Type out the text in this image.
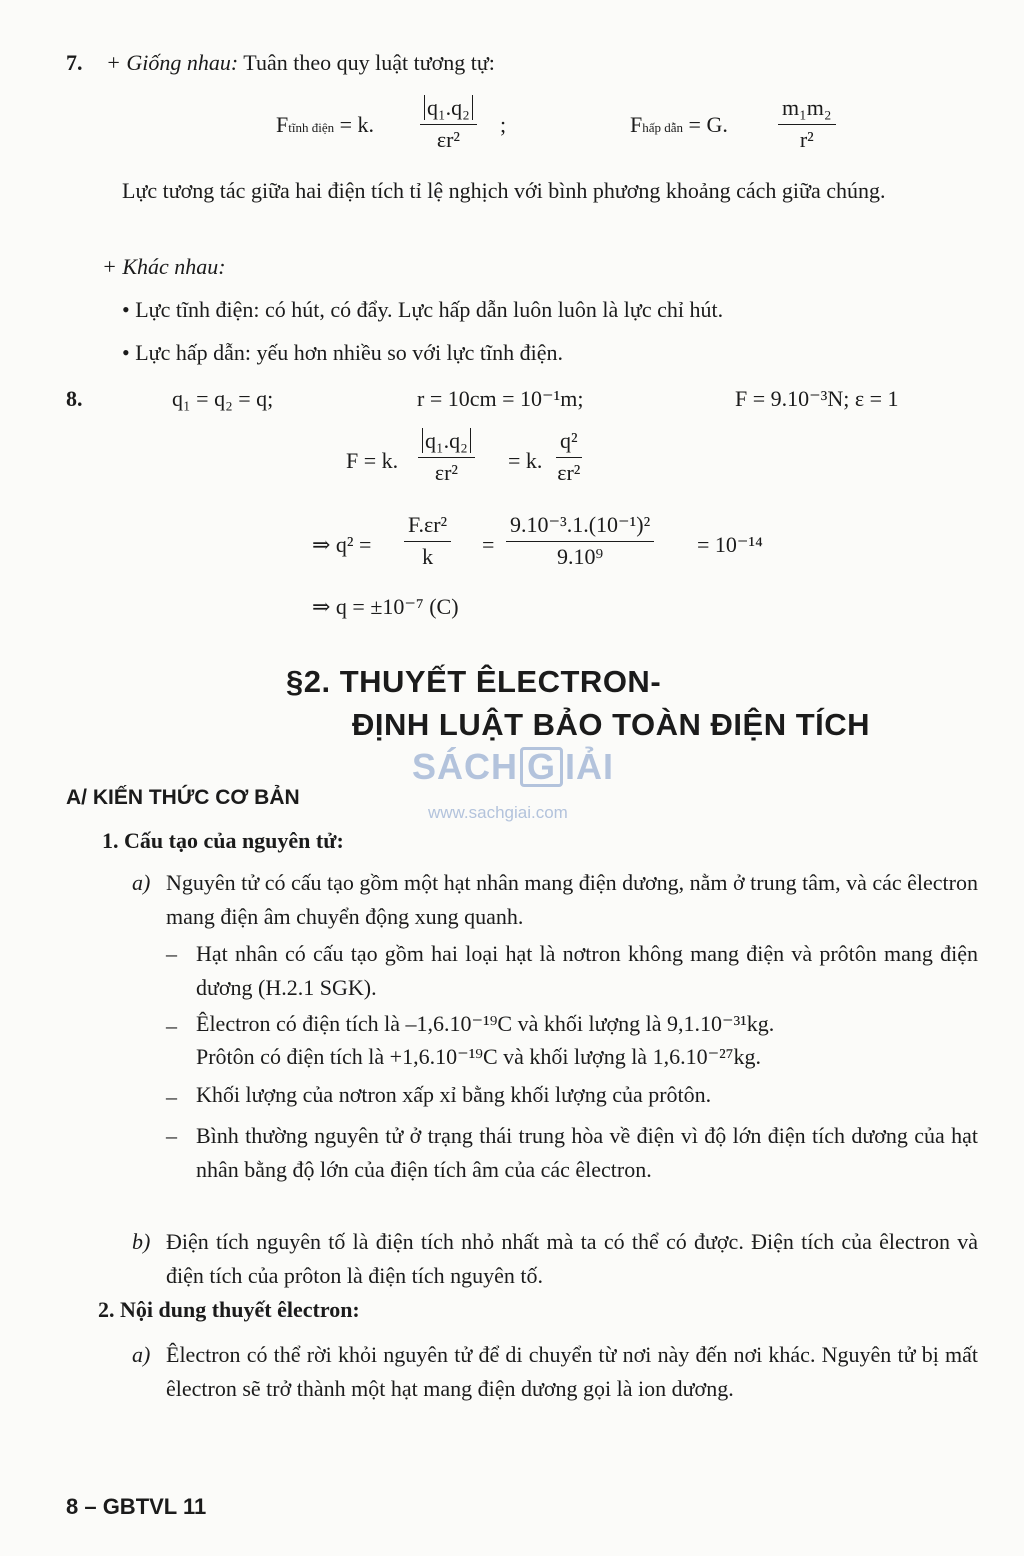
7. + Giống nhau: Tuân theo quy luật tương tự:
Ftĩnh điện = k. $\frac{\text{q₁.q₂}}{\text{εr²}}$ ;	Fhấp dẫn = G. $\frac{\text{m₁m₂}}{\text{r²}}$
Lực tương tác giữa hai điện tích tỉ lệ nghịch với bình phương khoảng cách giữa chúng.
+ Khác nhau:
• Lực tĩnh điện: có hút, có đẩy. Lực hấp dẫn luôn luôn là lực chỉ hút.
• Lực hấp dẫn: yếu hơn nhiều so với lực tĩnh điện.
8.	q₁ = q₂ = q;	r = 10cm = 10⁻¹m;	F = 9.10⁻³N; ε = 1
F = k. $\frac{\text{q₁.q₂}}{\text{εr²}} = k$. $\frac{\text{q²}}{\text{εr²}}$
⇒ $q^2 = \frac{\text{F.εr²}}{k} = \frac{\text{9.10⁻³.1.(10⁻¹)²}}{\text{9.10⁹}} = 10^{-14}$
⇒ q = ±10⁻⁷ (C)
§2. THUYẾT ÊLECTRON-
ĐỊNH LUẬT BẢO TOÀN ĐIỆN TÍCH
SÁCH G IẢI
www.sachgiai.com
A/ KIẾN THỨC CƠ BẢN
1. Cấu tạo của nguyên tử:
a) Nguyên tử có cấu tạo gồm một hạt nhân mang điện dương, nằm ở trung tâm, và các êlectron mang điện âm chuyển động xung quanh.
– Hạt nhân có cấu tạo gồm hai loại hạt là nơtron không mang điện và prôtôn mang điện dương (H.2.1 SGK).
– Êlectron có điện tích là –1,6.10⁻¹⁹C và khối lượng là 9,1.10⁻³¹kg.
Prôtôn có điện tích là +1,6.10⁻¹⁹C và khối lượng là 1,6.10⁻²⁷kg.
– Khối lượng của nơtron xấp xỉ bằng khối lượng của prôtôn.
– Bình thường nguyên tử ở trạng thái trung hòa về điện vì độ lớn điện tích dương của hạt nhân bằng độ lớn của điện tích âm của các êlectron.
b) Điện tích nguyên tố là điện tích nhỏ nhất mà ta có thể có được. Điện tích của êlectron và điện tích của prôton là điện tích nguyên tố.
2. Nội dung thuyết êlectron:
a) Êlectron có thể rời khỏi nguyên tử để di chuyển từ nơi này đến nơi khác. Nguyên tử bị mất êlectron sẽ trở thành một hạt mang điện dương gọi là ion dương.
8 – GBTVL 11
